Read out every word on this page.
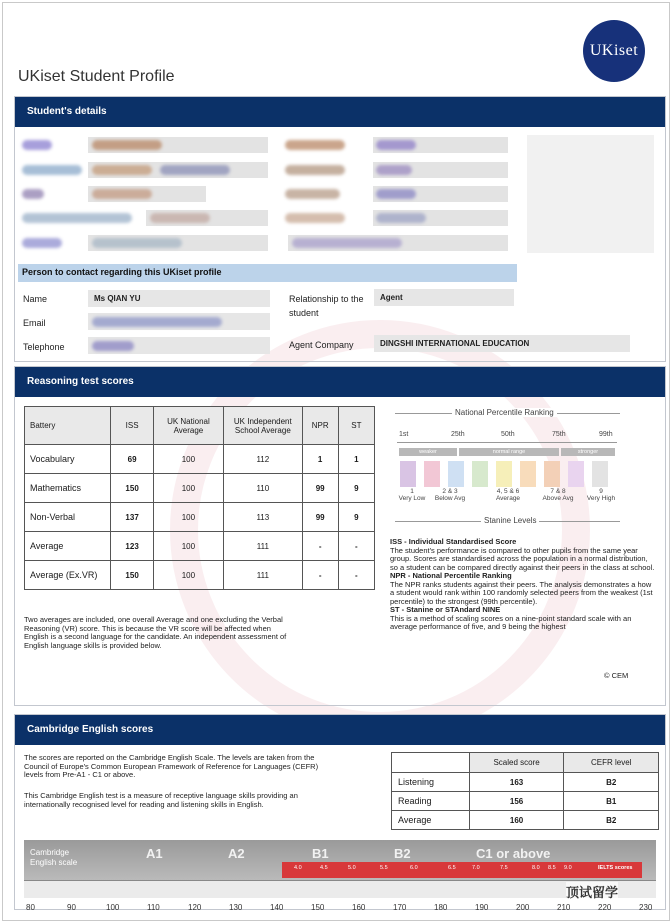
UKiset
UKiset Student Profile
Student's details
Person to contact regarding this UKiset profile
Name	Ms QIAN YU
Email
Telephone
Relationship to the student
Agent
Agent Company	DINGSHI INTERNATIONAL EDUCATION
Reasoning test scores
Battery	ISS	UK National Average	UK Independent School Average	NPR	ST
Vocabulary	69	100	112	1	1
Mathematics	150	100	110	99	9
Non-Verbal	137	100	113	99	9
Average	123	100	111	-	-
Average (Ex.VR)	150	100	111	-	-
Two averages are included, one overall Average and one excluding the Verbal Reasoning (VR) score. This is because the VR score will be affected when English is a second language for the candidate. An independent assessment of English language skills is provided below.
National Percentile Ranking
1st	25th	50th	75th	99th
weaker	normal range	stronger
1
Very Low
2 & 3
Below Avg
4, 5 & 6
Average
7 & 8
Above Avg
9
Very High
Stanine Levels
ISS - Individual Standardised Score
The student's performance is compared to other pupils from the same year group. Scores are standardised across the population in a normal distribution, so a student can be compared directly against their peers in the class at school.
NPR - National Percentile Ranking
The NPR ranks students against their peers. The analysis demonstrates a how a student would rank within 100 randomly selected peers from the weakest (1st percentile) to the strongest (99th percentile).
ST - Stanine or STAndard NINE
This is a method of scaling scores on a nine-point standard scale with an average performance of five, and 9 being the highest
© CEM
Cambridge English scores
The scores are reported on the Cambridge English Scale. The levels are taken from the Council of Europe's Common European Framework of Reference for Languages (CEFR) levels from Pre-A1 - C1 or above.
This Cambridge English test is a measure of receptive language skills providing an internationally recognised level for reading and listening skills in English.
	Scaled score	CEFR level
Listening	163	B2
Reading	156	B1
Average	160	B2
Cambridge
English scale
A1	A2	B1	B2	C1 or above
4.0	4.5	5.0	5.5	6.0	6.5	7.0	7.5	8.0 8.5 9.0	IELTS scores
80	90	100	110	120	130	140	150	160	170	180	190	200	210	220	230
顶试留学
